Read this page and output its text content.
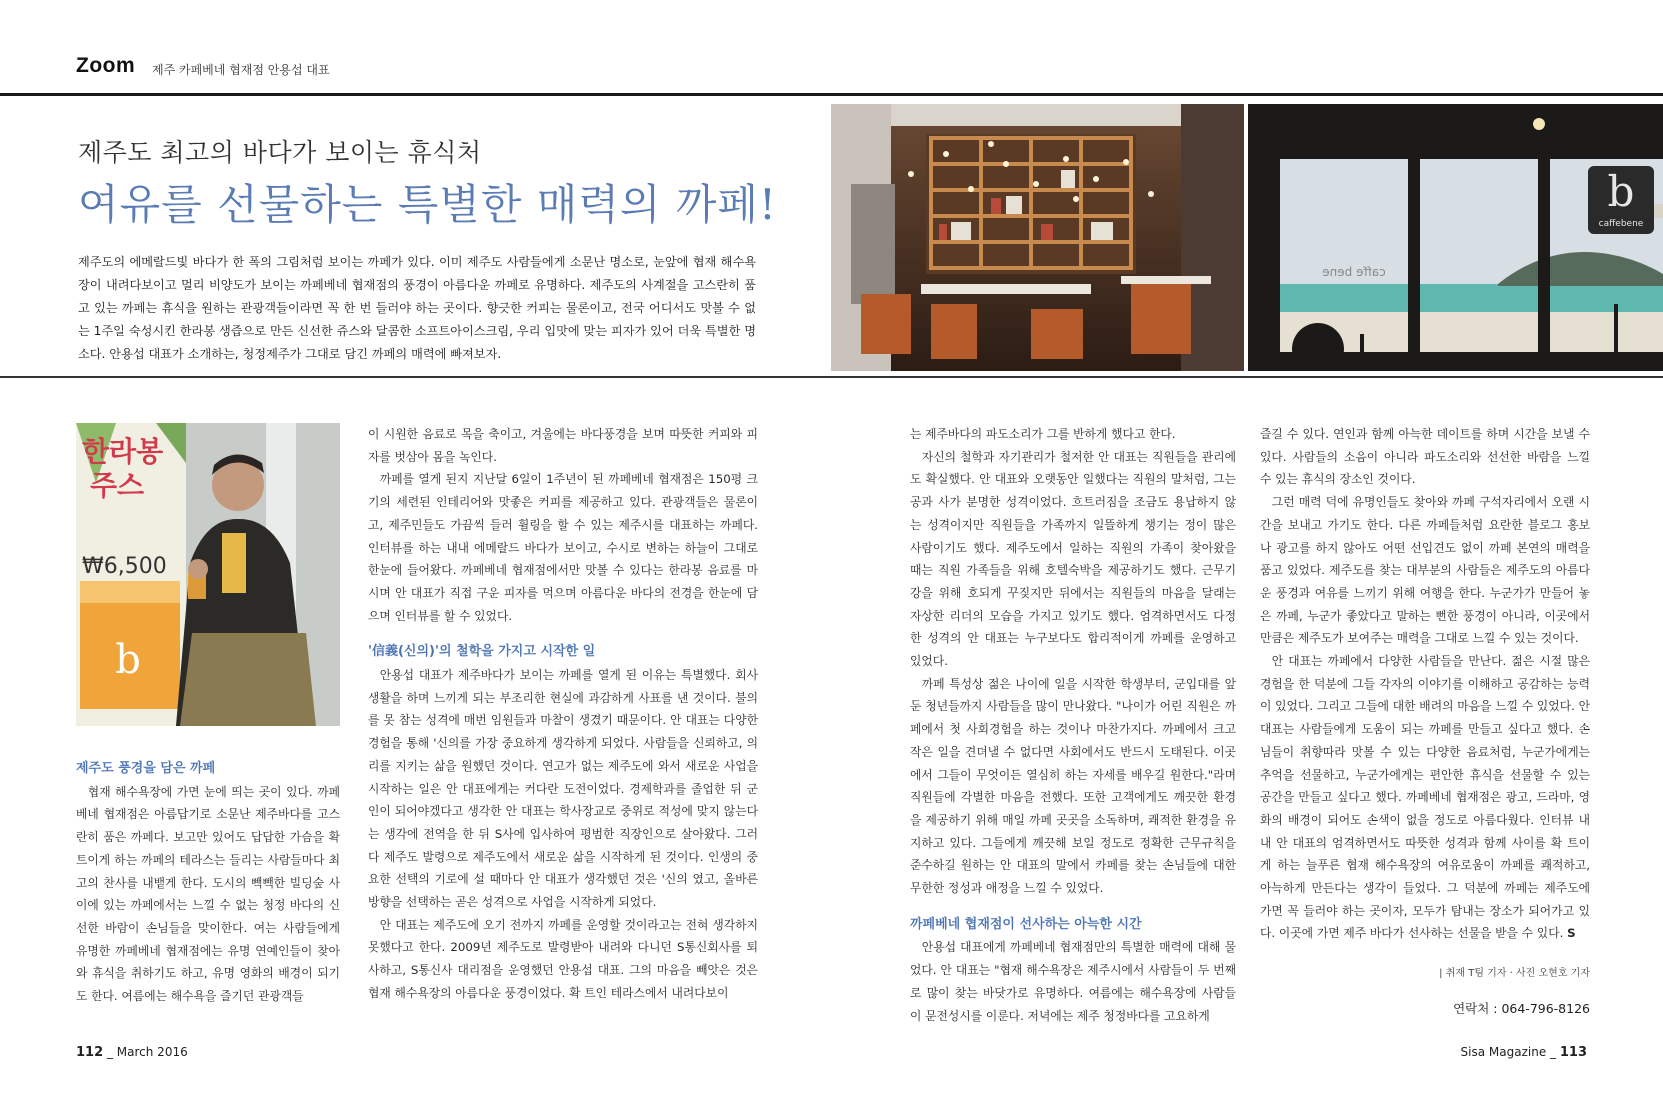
Zoom 제주 카페베네 협재점 안용섭 대표
제주도 최고의 바다가 보이는 휴식처
여유를 선물하는 특별한 매력의 까페!
제주도의 에메랄드빛 바다가 한 폭의 그림처럼 보이는 까페가 있다. 이미 제주도 사람들에게 소문난 명소로, 눈앞에 협재 해수욕장이 내려다보이고 멀리 비양도가 보이는 까페베네 협재점의 풍경이 아름다운 까페로 유명하다. 제주도의 사계절을 고스란히 품고 있는 까페는 휴식을 원하는 관광객들이라면 꼭 한 번 들러야 하는 곳이다. 향긋한 커피는 물론이고, 전국 어디서도 맛볼 수 없는 1주일 숙성시킨 한라봉 생즙으로 만든 신선한 쥬스와 달콤한 소프트아이스크림, 우리 입맛에 맞는 피자가 있어 더욱 특별한 명소다. 안용섭 대표가 소개하는, 청정제주가 그대로 담긴 까페의 매력에 빠져보자.
b
caffebene
caffe bene
한라봉 주스
₩6,500
b

제주도 풍경을 담은 까페

협재 해수욕장에 가면 눈에 띄는 곳이 있다. 까페베네 협재점은 아름답기로 소문난 제주바다를 고스란히 품은 까페다. 보고만 있어도 답답한 가슴을 확 트이게 하는 까페의 테라스는 들리는 사람들마다 최고의 찬사를 내뱉게 한다. 도시의 빽빽한 빌딩숲 사이에 있는 까페에서는 느낄 수 없는 청정 바다의 신선한 바람이 손님들을 맞이한다. 여는 사람들에게 유명한 까페베네 협재점에는 유명 연예인들이 찾아와 휴식을 취하기도 하고, 유명 영화의 배경이 되기도 한다. 여름에는 해수욕을 즐기던 관광객들

이 시원한 음료로 목을 축이고, 겨울에는 바다풍경을 보며 따뜻한 커피와 피자를 벗삼아 몸을 녹인다.

까페를 열게 된지 지난달 6일이 1주년이 된 까페베네 협재점은 150평 크기의 세련된 인테리어와 맛좋은 커피를 제공하고 있다. 관광객들은 물론이고, 제주민들도 가끔씩 들러 휠링을 할 수 있는 제주시를 대표하는 까페다. 인터뷰를 하는 내내 에메랄드 바다가 보이고, 수시로 변하는 하늘이 그대로 한눈에 들어왔다. 까페베네 협재점에서만 맛볼 수 있다는 한라봉 음료를 마시며 안 대표가 직접 구운 피자를 먹으며 아름다운 바다의 전경을 한눈에 담으며 인터뷰를 할 수 있었다.

'信義(신의)'의 철학을 가지고 시작한 일

안용섭 대표가 제주바다가 보이는 까페를 열게 된 이유는 특별했다. 회사생활을 하며 느끼게 되는 부조리한 현실에 과감하게 사표를 낸 것이다. 불의를 못 참는 성격에 매번 임원들과 마찰이 생겼기 때문이다. 안 대표는 다양한 경험을 통해 '신의를 가장 중요하게 생각하게 되었다. 사람들을 신뢰하고, 의리를 지키는 삶을 원했던 것이다. 연고가 없는 제주도에 와서 새로운 사업을 시작하는 일은 안 대표에게는 커다란 도전이었다. 경제학과를 졸업한 뒤 군인이 되어야겠다고 생각한 안 대표는 학사장교로 중위로 적성에 맞지 않는다는 생각에 전역을 한 뒤 S사에 입사하여 평범한 직장인으로 살아왔다. 그러다 제주도 발령으로 제주도에서 새로운 삶을 시작하게 된 것이다. 인생의 중요한 선택의 기로에 설 때마다 안 대표가 생각했던 것은 '신의 였고, 올바른 방향을 선택하는 곧은 성격으로 사업을 시작하게 되었다.

안 대표는 제주도에 오기 전까지 까페를 운영할 것이라고는 전혀 생각하지 못했다고 한다. 2009년 제주도로 발령받아 내려와 다니던 S통신회사를 퇴사하고, S통신사 대리점을 운영했던 안용섭 대표. 그의 마음을 빼앗은 것은 협재 해수욕장의 아름다운 풍경이었다. 확 트인 테라스에서 내려다보이

는 제주바다의 파도소리가 그를 반하게 했다고 한다.

자신의 철학과 자기관리가 철저한 안 대표는 직원들을 관리에도 확실했다. 안 대표와 오랫동안 일했다는 직원의 말처럼, 그는 공과 사가 분명한 성격이었다. 흐트러짐을 조금도 용납하지 않는 성격이지만 직원들을 가족까지 일뜰하게 챙기는 정이 많은 사람이기도 했다. 제주도에서 일하는 직원의 가족이 찾아왔을 때는 직원 가족들을 위해 호텔숙박을 제공하기도 했다. 근무기강을 위해 호되게 꾸짖지만 뒤에서는 직원들의 마음을 달래는 자상한 리더의 모습을 가지고 있기도 했다. 엄격하면서도 다정한 성격의 안 대표는 누구보다도 합리적이게 까페를 운영하고 있었다.

까페 특성상 젊은 나이에 일을 시작한 학생부터, 군입대를 앞둔 청년들까지 사람들을 많이 만나왔다. "나이가 어린 직원은 까페에서 첫 사회경험을 하는 것이나 마찬가지다. 까페에서 크고 작은 일을 견뎌낼 수 없다면 사회에서도 반드시 도태된다. 이곳에서 그들이 무엇이든 열심히 하는 자세를 배우길 원한다."라며 직원들에 각별한 마음을 전했다. 또한 고객에게도 깨끗한 환경을 제공하기 위해 매일 까페 곳곳을 소독하며, 쾌적한 환경을 유지하고 있다. 그들에게 깨끗해 보일 정도로 정확한 근무규칙을 준수하길 원하는 안 대표의 말에서 카페를 찾는 손님들에 대한 무한한 정성과 애정을 느낄 수 있었다.

까페베네 협재점이 선사하는 아늑한 시간

안용섭 대표에게 까페베네 협재점만의 특별한 매력에 대해 물었다. 안 대표는 "협재 해수욕장은 제주시에서 사람들이 두 번째로 많이 찾는 바닷가로 유명하다. 여름에는 해수욕장에 사람들이 문전성시를 이룬다. 저녁에는 제주 청정바다를 고요하게

즐길 수 있다. 연인과 함께 아늑한 데이트를 하며 시간을 보낼 수 있다. 사람들의 소음이 아니라 파도소리와 선선한 바람을 느낄 수 있는 휴식의 장소인 것이다.

그런 매력 덕에 유명인들도 찾아와 까페 구석자리에서 오랜 시간을 보내고 가기도 한다. 다른 까페들처럼 요란한 블로그 홍보나 광고를 하지 않아도 어떤 선입견도 없이 까페 본연의 매력을 품고 있었다. 제주도를 찾는 대부분의 사람들은 제주도의 아름다운 풍경과 여유를 느끼기 위해 여행을 한다. 누군가가 만들어 놓은 까페, 누군가 좋았다고 말하는 뻔한 풍경이 아니라, 이곳에서 만큼은 제주도가 보여주는 매력을 그대로 느낄 수 있는 것이다.

안 대표는 까페에서 다양한 사람들을 만난다. 젊은 시절 많은 경험을 한 덕분에 그들 각자의 이야기를 이해하고 공감하는 능력이 있었다. 그리고 그들에 대한 배려의 마음을 느낄 수 있었다. 안 대표는 사람들에게 도움이 되는 까페를 만들고 싶다고 했다. 손님들이 취향따라 맛볼 수 있는 다양한 음료처럼, 누군가에게는 추억을 선물하고, 누군가에게는 편안한 휴식을 선물할 수 있는 공간을 만들고 싶다고 했다. 까페베네 협재점은 광고, 드라마, 영화의 배경이 되어도 손색이 없을 정도로 아름다웠다. 인터뷰 내내 안 대표의 엄격하면서도 따뜻한 성격과 함께 사이를 확 트이게 하는 늘푸른 협재 해수욕장의 여유로움이 까페를 쾌적하고, 아늑하게 만든다는 생각이 들었다. 그 덕분에 까페는 제주도에 가면 꼭 들러야 하는 곳이자, 모두가 탐내는 장소가 되어가고 있다. 이곳에 가면 제주 바다가 선사하는 선물을 받을 수 있다. S

| 취재 T팀 기자 · 사진 오현호 기자
연락처 : 064-796-8126
112 _ March 2016	Sisa Magazine _ 113
